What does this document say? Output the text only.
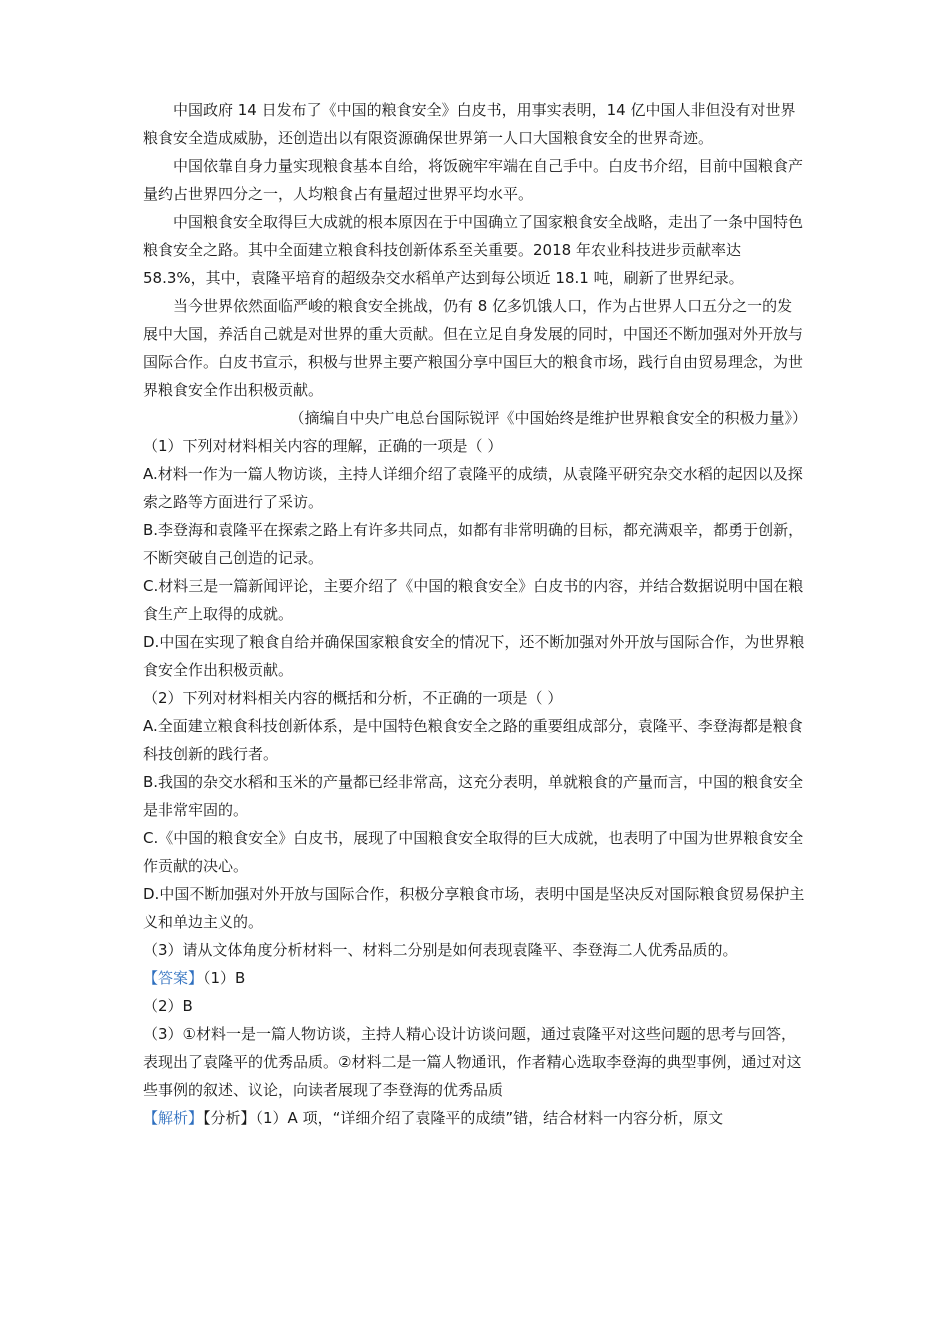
中国政府 14 日发布了《中国的粮食安全》白皮书，用事实表明，14 亿中国人非但没有对世界粮食安全造成威胁，还创造出以有限资源确保世界第一人口大国粮食安全的世界奇迹。

中国依靠自身力量实现粮食基本自给，将饭碗牢牢端在自己手中。白皮书介绍，目前中国粮食产量约占世界四分之一，人均粮食占有量超过世界平均水平。

中国粮食安全取得巨大成就的根本原因在于中国确立了国家粮食安全战略，走出了一条中国特色粮食安全之路。其中全面建立粮食科技创新体系至关重要。2018 年农业科技进步贡献率达 58.3%，其中，袁隆平培育的超级杂交水稻单产达到每公顷近 18.1 吨，刷新了世界纪录。

当今世界依然面临严峻的粮食安全挑战，仍有 8 亿多饥饿人口，作为占世界人口五分之一的发展中大国，养活自己就是对世界的重大贡献。但在立足自身发展的同时，中国还不断加强对外开放与国际合作。白皮书宣示，积极与世界主要产粮国分享中国巨大的粮食市场，践行自由贸易理念，为世界粮食安全作出积极贡献。

（摘编自中央广电总台国际锐评《中国始终是维护世界粮食安全的积极力量》）

（1）下列对材料相关内容的理解，正确的一项是（ ）

A.材料一作为一篇人物访谈，主持人详细介绍了袁隆平的成绩，从袁隆平研究杂交水稻的起因以及探索之路等方面进行了采访。

B.李登海和袁隆平在探索之路上有许多共同点，如都有非常明确的目标，都充满艰辛，都勇于创新，不断突破自己创造的记录。

C.材料三是一篇新闻评论，主要介绍了《中国的粮食安全》白皮书的内容，并结合数据说明中国在粮食生产上取得的成就。

D.中国在实现了粮食自给并确保国家粮食安全的情况下，还不断加强对外开放与国际合作，为世界粮食安全作出积极贡献。

（2）下列对材料相关内容的概括和分析，不正确的一项是（ ）

A.全面建立粮食科技创新体系，是中国特色粮食安全之路的重要组成部分，袁隆平、李登海都是粮食科技创新的践行者。

B.我国的杂交水稻和玉米的产量都已经非常高，这充分表明，单就粮食的产量而言，中国的粮食安全是非常牢固的。

C.《中国的粮食安全》白皮书，展现了中国粮食安全取得的巨大成就，也表明了中国为世界粮食安全作贡献的决心。

D.中国不断加强对外开放与国际合作，积极分享粮食市场，表明中国是坚决反对国际粮食贸易保护主义和单边主义的。

（3）请从文体角度分析材料一、材料二分别是如何表现袁隆平、李登海二人优秀品质的。

【答案】（1）B

（2）B

（3）①材料一是一篇人物访谈，主持人精心设计访谈问题，通过袁隆平对这些问题的思考与回答，表现出了袁隆平的优秀品质。②材料二是一篇人物通讯，作者精心选取李登海的典型事例，通过对这些事例的叙述、议论，向读者展现了李登海的优秀品质

【解析】【分析】（1）A 项，“详细介绍了袁隆平的成绩”错，结合材料一内容分析，原文
